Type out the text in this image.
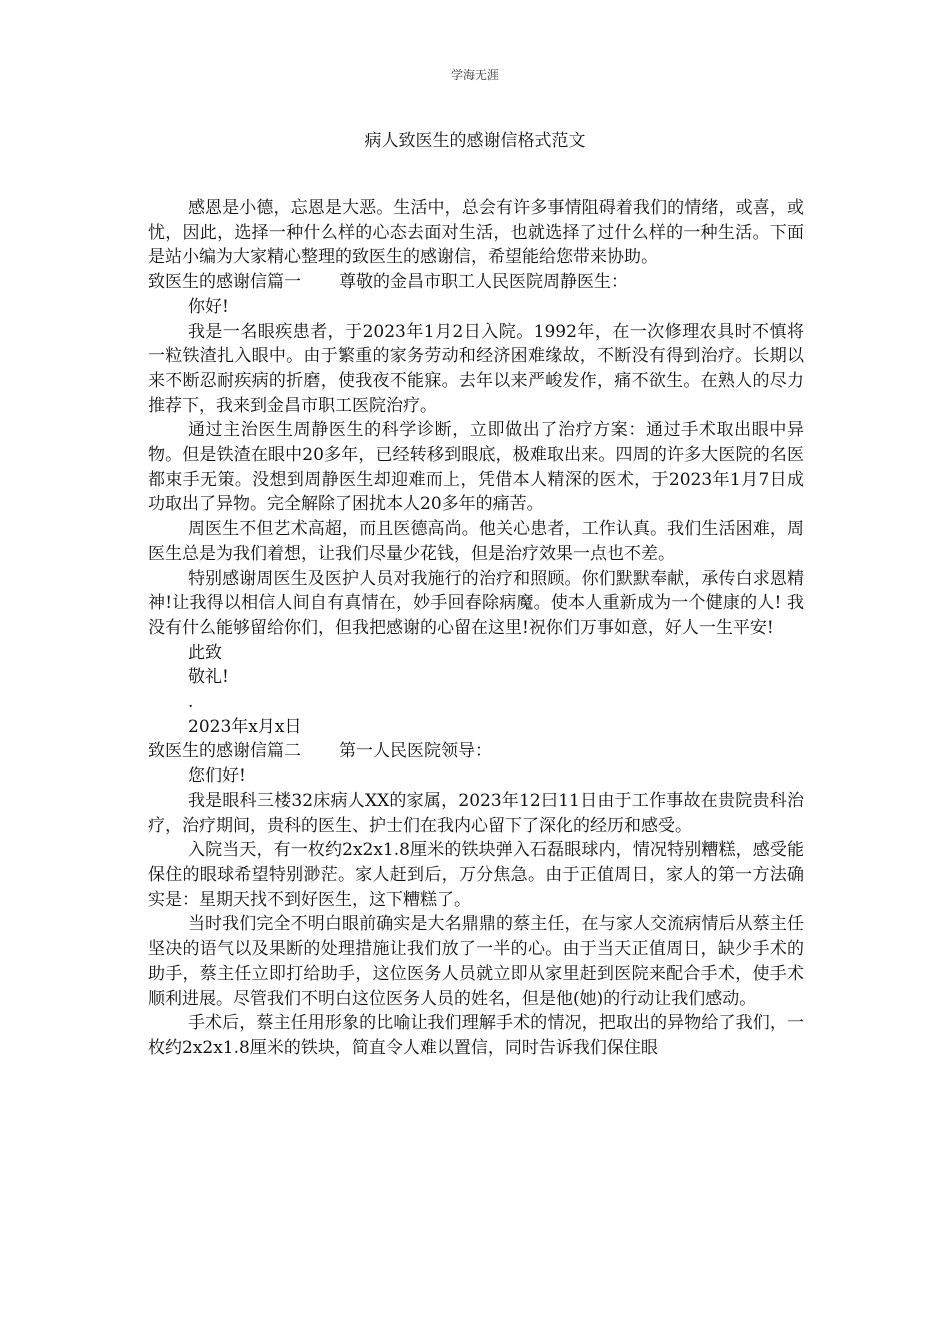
学海无涯
病人致医生的感谢信格式范文

感恩是小德，忘恩是大恶。生活中，总会有许多事情阻碍着我们的情绪，或喜，或忧，因此，选择一种什么样的心态去面对生活，也就选择了过什么样的一种生活。下面是站小编为大家精心整理的致医生的感谢信，希望能给您带来协助。

致医生的感谢信篇一 尊敬的金昌市职工人民医院周静医生：

你好!

我是一名眼疾患者，于2023年1月2日入院。1992年，在一次修理农具时不慎将一粒铁渣扎入眼中。由于繁重的家务劳动和经济困难缘故，不断没有得到治疗。长期以来不断忍耐疾病的折磨，使我夜不能寐。去年以来严峻发作，痛不欲生。在熟人的尽力推荐下，我来到金昌市职工医院治疗。

通过主治医生周静医生的科学诊断，立即做出了治疗方案：通过手术取出眼中异物。但是铁渣在眼中20多年，已经转移到眼底，极难取出来。四周的许多大医院的名医都束手无策。没想到周静医生却迎难而上，凭借本人精深的医术，于2023年1月7日成功取出了异物。完全解除了困扰本人20多年的痛苦。

周医生不但艺术高超，而且医德高尚。他关心患者，工作认真。我们生活困难，周医生总是为我们着想，让我们尽量少花钱，但是治疗效果一点也不差。

特别感谢周医生及医护人员对我施行的治疗和照顾。你们默默奉献，承传白求恩精神!让我得以相信人间自有真情在，妙手回春除病魔。使本人重新成为一个健康的人! 我没有什么能够留给你们，但我把感谢的心留在这里!祝你们万事如意，好人一生平安!

此致

敬礼!

.

2023年x月x日

致医生的感谢信篇二 第一人民医院领导：

您们好!

我是眼科三楼32床病人XX的家属，2023年12曰11日由于工作事故在贵院贵科治疗，治疗期间，贵科的医生、护士们在我内心留下了深化的经历和感受。

入院当天，有一枚约2x2x1.8厘米的铁块弹入石磊眼球内，情况特别糟糕，感受能保住的眼球希望特别渺茫。家人赶到后，万分焦急。由于正值周日，家人的第一方法确实是：星期天找不到好医生，这下糟糕了。

当时我们完全不明白眼前确实是大名鼎鼎的蔡主任，在与家人交流病情后从蔡主任坚决的语气以及果断的处理措施让我们放了一半的心。由于当天正值周日，缺少手术的助手，蔡主任立即打给助手，这位医务人员就立即从家里赶到医院来配合手术，使手术顺利进展。尽管我们不明白这位医务人员的姓名，但是他(她)的行动让我们感动。

手术后，蔡主任用形象的比喻让我们理解手术的情况，把取出的异物给了我们，一枚约2x2x1.8厘米的铁块，简直令人难以置信，同时告诉我们保住眼
